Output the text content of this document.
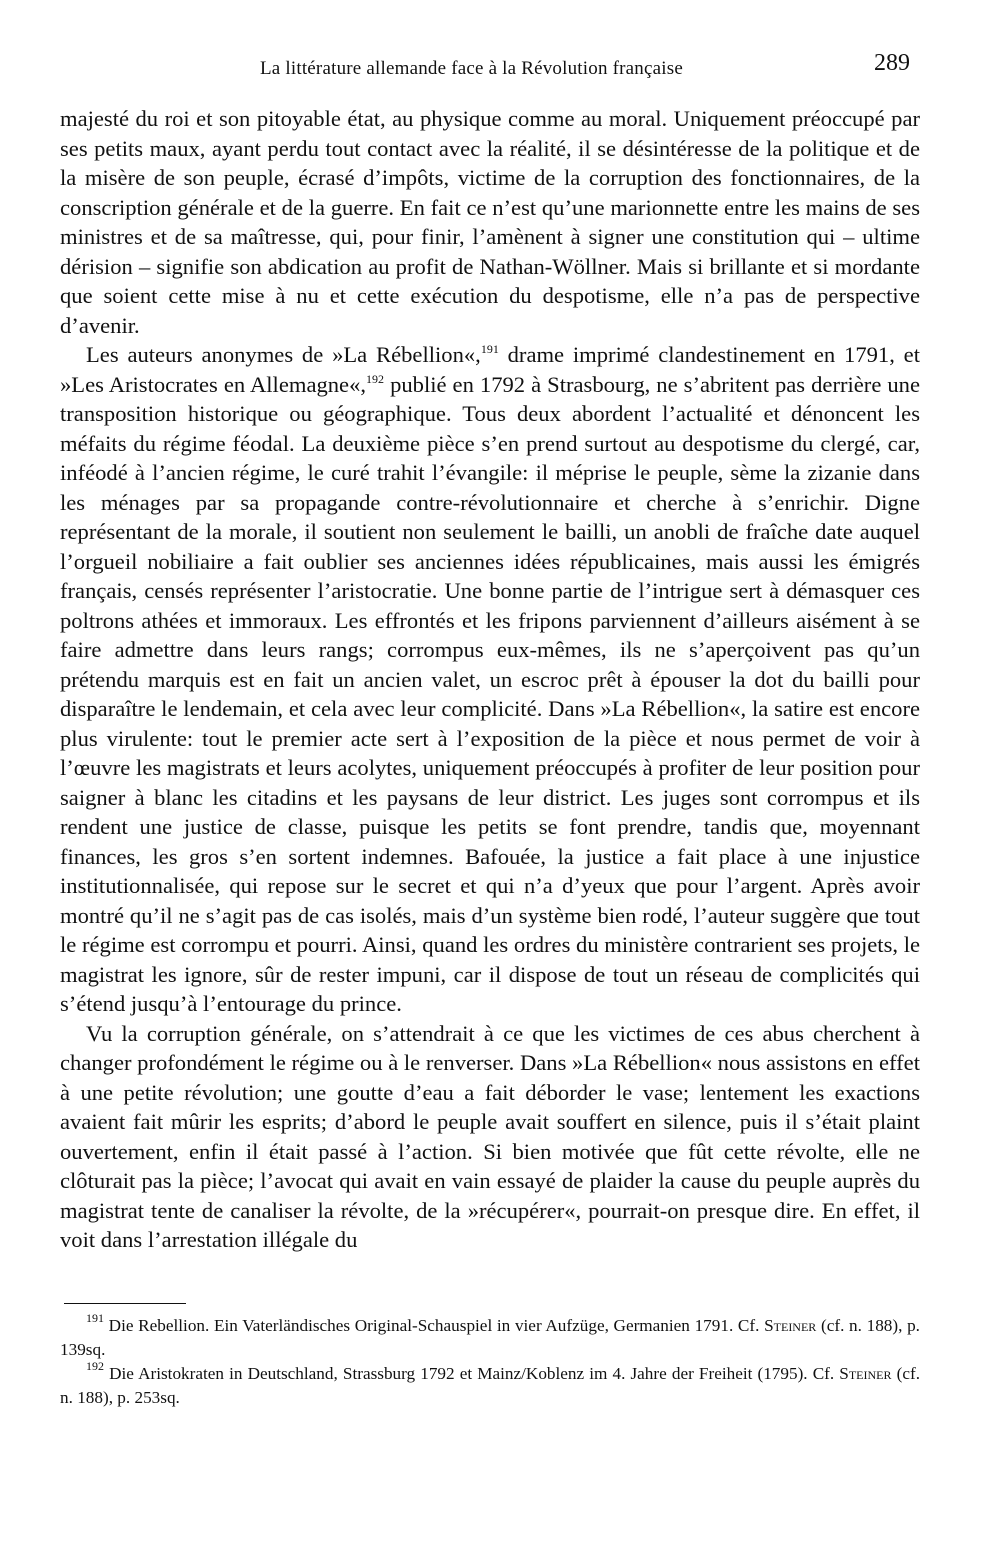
La littérature allemande face à la Révolution française	289

majesté du roi et son pitoyable état, au physique comme au moral. Uniquement préoccupé par ses petits maux, ayant perdu tout contact avec la réalité, il se désintéresse de la politique et de la misère de son peuple, écrasé d’impôts, victime de la corruption des fonctionnaires, de la conscription générale et de la guerre. En fait ce n’est qu’une marionnette entre les mains de ses ministres et de sa maîtresse, qui, pour finir, l’amènent à signer une constitution qui – ultime dérision – signifie son abdication au profit de Nathan-Wöllner. Mais si brillante et si mordante que soient cette mise à nu et cette exécution du despotisme, elle n’a pas de perspective d’avenir.

Les auteurs anonymes de »La Rébellion«,$^{191}$ drame imprimé clandestinement en 1791, et »Les Aristocrates en Allemagne«,$^{192}$ publié en 1792 à Strasbourg, ne s’abritent pas derrière une transposition historique ou géographique. Tous deux abordent l’actualité et dénoncent les méfaits du régime féodal. La deuxième pièce s’en prend surtout au despotisme du clergé, car, inféodé à l’ancien régime, le curé trahit l’évangile: il méprise le peuple, sème la zizanie dans les ménages par sa propagande contre-révolutionnaire et cherche à s’enrichir. Digne représentant de la morale, il soutient non seulement le bailli, un anobli de fraîche date auquel l’orgueil nobiliaire a fait oublier ses anciennes idées républicaines, mais aussi les émigrés français, censés représenter l’aristocratie. Une bonne partie de l’intrigue sert à démasquer ces poltrons athées et immoraux. Les effrontés et les fripons parviennent d’ailleurs aisément à se faire admettre dans leurs rangs; corrompus eux-mêmes, ils ne s’aperçoivent pas qu’un prétendu marquis est en fait un ancien valet, un escroc prêt à épouser la dot du bailli pour disparaître le lendemain, et cela avec leur complicité. Dans »La Rébellion«, la satire est encore plus virulente: tout le premier acte sert à l’exposition de la pièce et nous permet de voir à l’œuvre les magistrats et leurs acolytes, uniquement préoccupés à profiter de leur position pour saigner à blanc les citadins et les paysans de leur district. Les juges sont corrompus et ils rendent une justice de classe, puisque les petits se font prendre, tandis que, moyennant finances, les gros s’en sortent indemnes. Bafouée, la justice a fait place à une injustice institutionnalisée, qui repose sur le secret et qui n’a d’yeux que pour l’argent. Après avoir montré qu’il ne s’agit pas de cas isolés, mais d’un système bien rodé, l’auteur suggère que tout le régime est corrompu et pourri. Ainsi, quand les ordres du ministère contrarient ses projets, le magistrat les ignore, sûr de rester impuni, car il dispose de tout un réseau de complicités qui s’étend jusqu’à l’entourage du prince.

Vu la corruption générale, on s’attendrait à ce que les victimes de ces abus cherchent à changer profondément le régime ou à le renverser. Dans »La Rébellion« nous assistons en effet à une petite révolution; une goutte d’eau a fait déborder le vase; lentement les exactions avaient fait mûrir les esprits; d’abord le peuple avait souffert en silence, puis il s’était plaint ouvertement, enfin il était passé à l’action. Si bien motivée que fût cette révolte, elle ne clôturait pas la pièce; l’avocat qui avait en vain essayé de plaider la cause du peuple auprès du magistrat tente de canaliser la révolte, de la »récupérer«, pourrait-on presque dire. En effet, il voit dans l’arrestation illégale du

$^{191}$ Die Rebellion. Ein Vaterländisches Original-Schauspiel in vier Aufzüge, Germanien 1791. Cf. Steiner (cf. n. 188), p. 139sq.

$^{192}$ Die Aristokraten in Deutschland, Strassburg 1792 et Mainz/Koblenz im 4. Jahre der Freiheit (1795). Cf. Steiner (cf. n. 188), p. 253sq.
